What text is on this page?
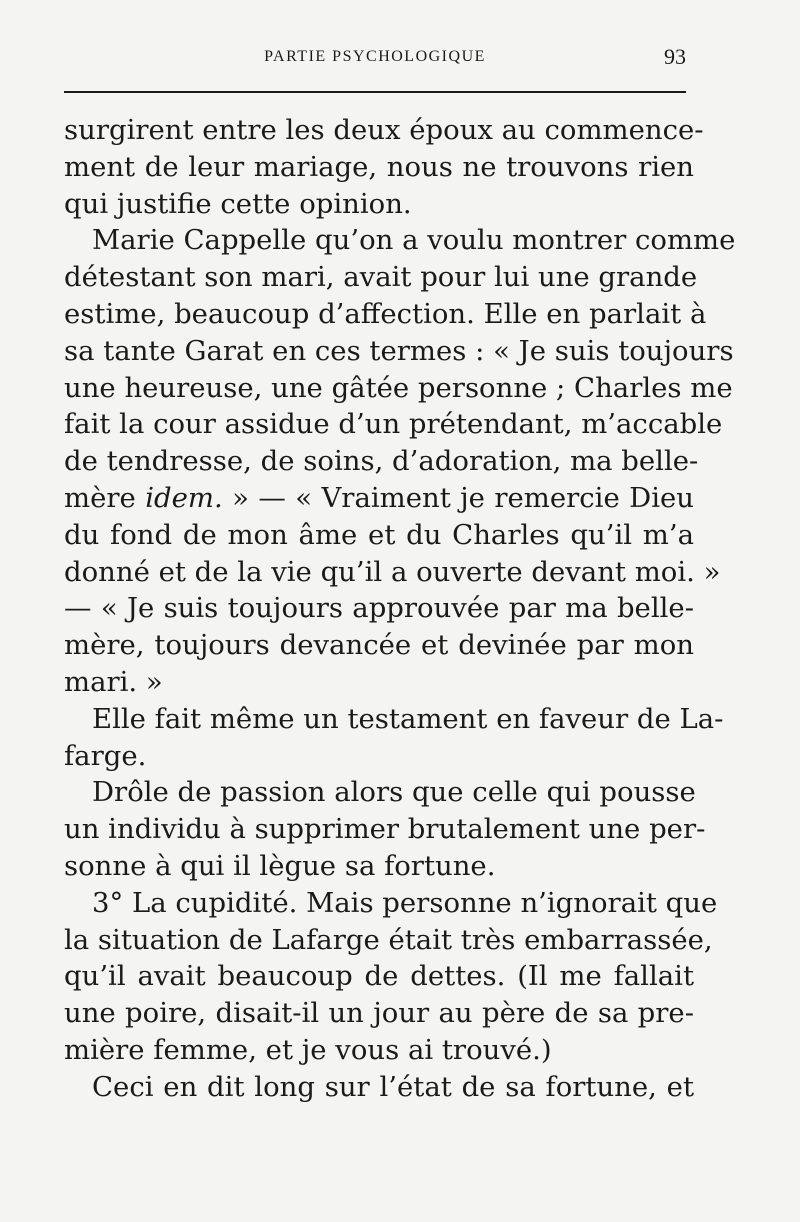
PARTIE PSYCHOLOGIQUE	93
surgirent entre les deux époux au commence-
ment de leur mariage, nous ne trouvons rien
qui justifie cette opinion.
Marie Cappelle qu’on a voulu montrer comme
détestant son mari, avait pour lui une grande
estime, beaucoup d’affection. Elle en parlait à
sa tante Garat en ces termes : « Je suis toujours
une heureuse, une gâtée personne ; Charles me
fait la cour assidue d’un prétendant, m’accable
de tendresse, de soins, d’adoration, ma belle-
mère idem. » — « Vraiment je remercie Dieu
du fond de mon âme et du Charles qu’il m’a
donné et de la vie qu’il a ouverte devant moi. »
— « Je suis toujours approuvée par ma belle-
mère, toujours devancée et devinée par mon
mari. »
Elle fait même un testament en faveur de La-
farge.
Drôle de passion alors que celle qui pousse
un individu à supprimer brutalement une per-
sonne à qui il lègue sa fortune.
3° La cupidité. Mais personne n’ignorait que
la situation de Lafarge était très embarrassée,
qu’il avait beaucoup de dettes. (Il me fallait
une poire, disait-il un jour au père de sa pre-
mière femme, et je vous ai trouvé.)
Ceci en dit long sur l’état de sa fortune, et
